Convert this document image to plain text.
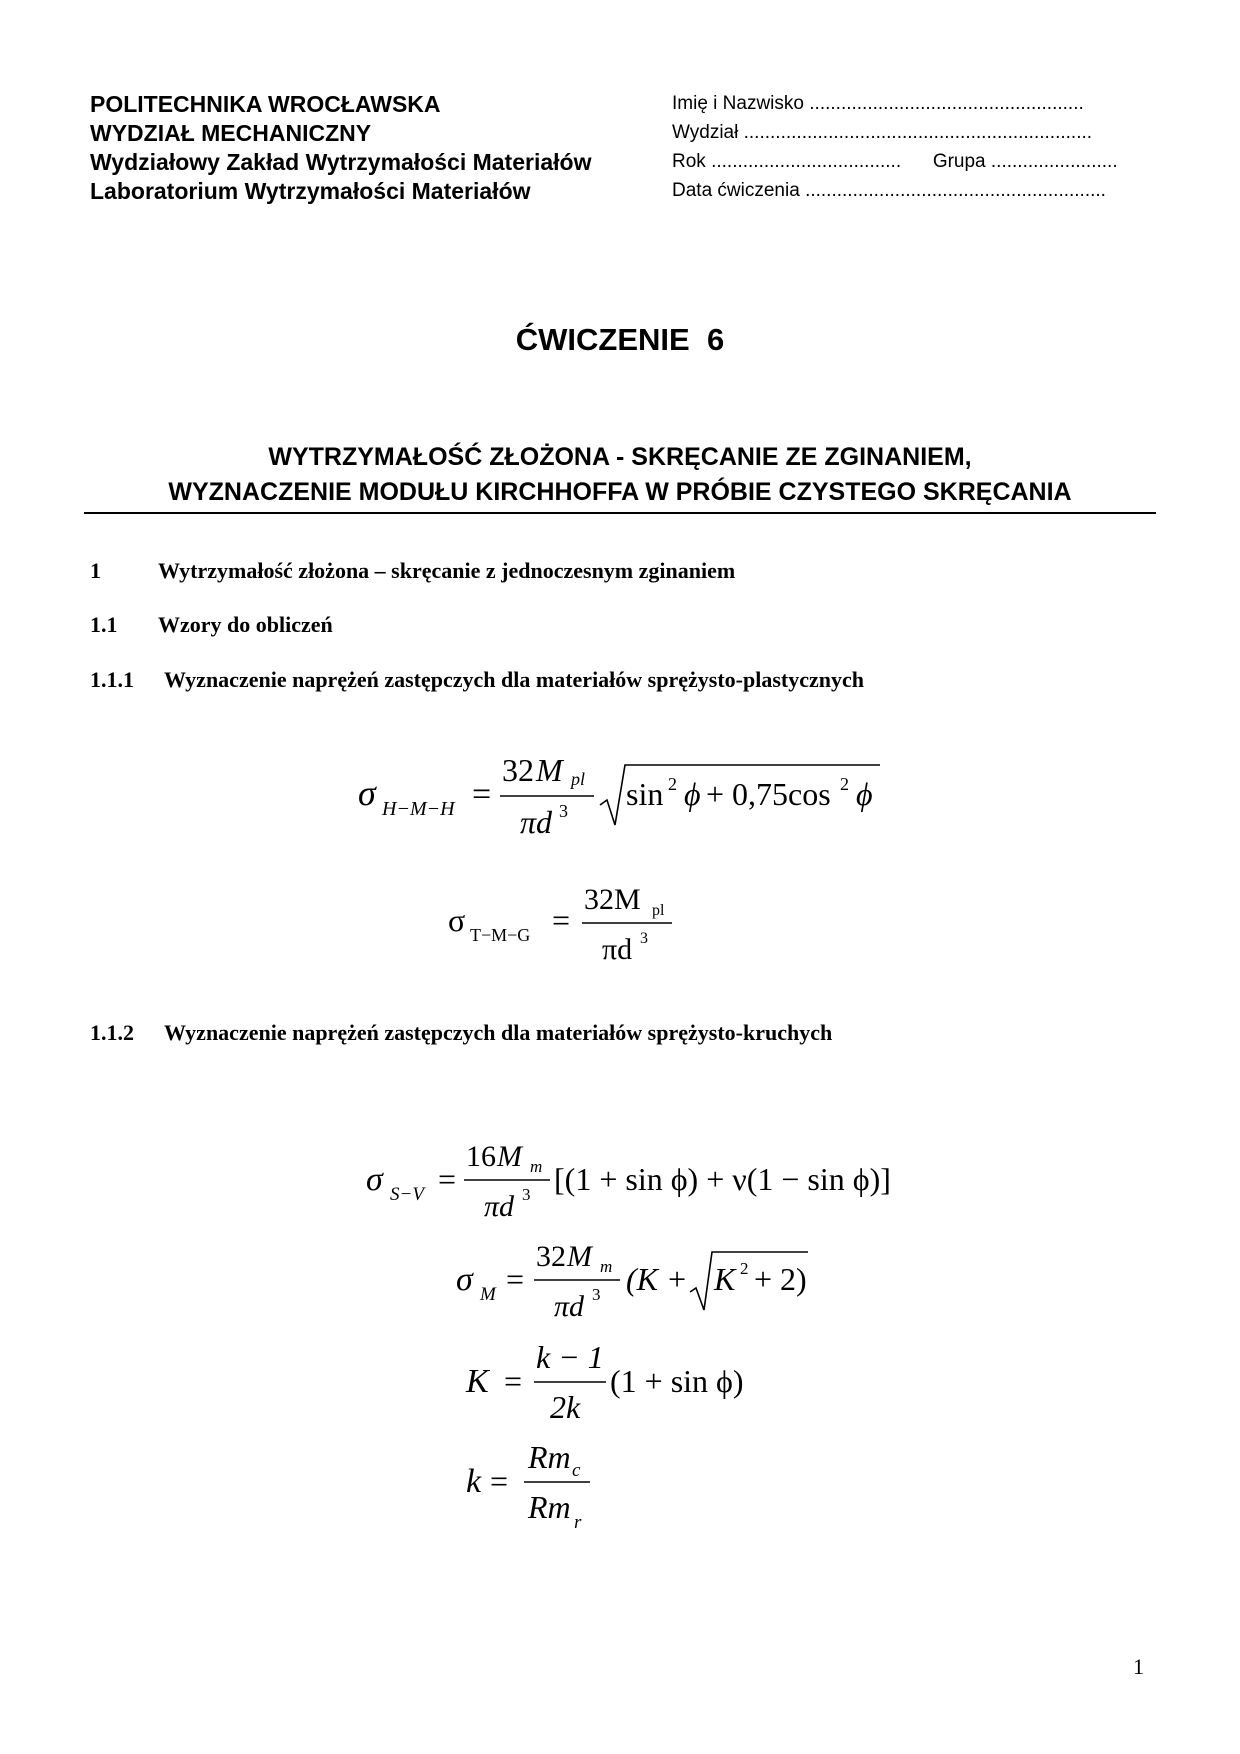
POLITECHNIKA WROCŁAWSKA
WYDZIAŁ MECHANICZNY
Wydziałowy Zakład Wytrzymałości Materiałów
Laboratorium Wytrzymałości Materiałów
Imię i Nazwisko ....................................................
Wydział ..................................................................
Rok .................................... Grupa ........................
Data ćwiczenia .........................................................
ĆWICZENIE 6
WYTRZYMAŁOŚĆ ZŁOŻONA - SKRĘCANIE ZE ZGINANIEM,
WYZNACZENIE MODUŁU KIRCHHOFFA W PRÓBIE CZYSTEGO SKRĘCANIA
1	Wytrzymałość złożona – skręcanie z jednoczesnym zginaniem
1.1 Wzory do obliczeń
1.1.1 Wyznaczenie naprężeń zastępczych dla materiałów sprężysto-plastycznych
1.1.2 Wyznaczenie naprężeń zastępczych dla materiałów sprężysto-kruchych
σ H−M−H =
32 M pl
πd 3 sin 2 ϕ + 0,75cos 2 ϕ
σ T−M−G =
32M pl
πd 3
σ S−V =
16 M m
πd 3 [(1 + sin ϕ) + ν(1 − sin ϕ)]
σ M =
32 M m
πd 3 (K + K 2 + 2)
K =
k − 1
2k
(1 + sin ϕ)
k =
Rm c
Rm r
1
